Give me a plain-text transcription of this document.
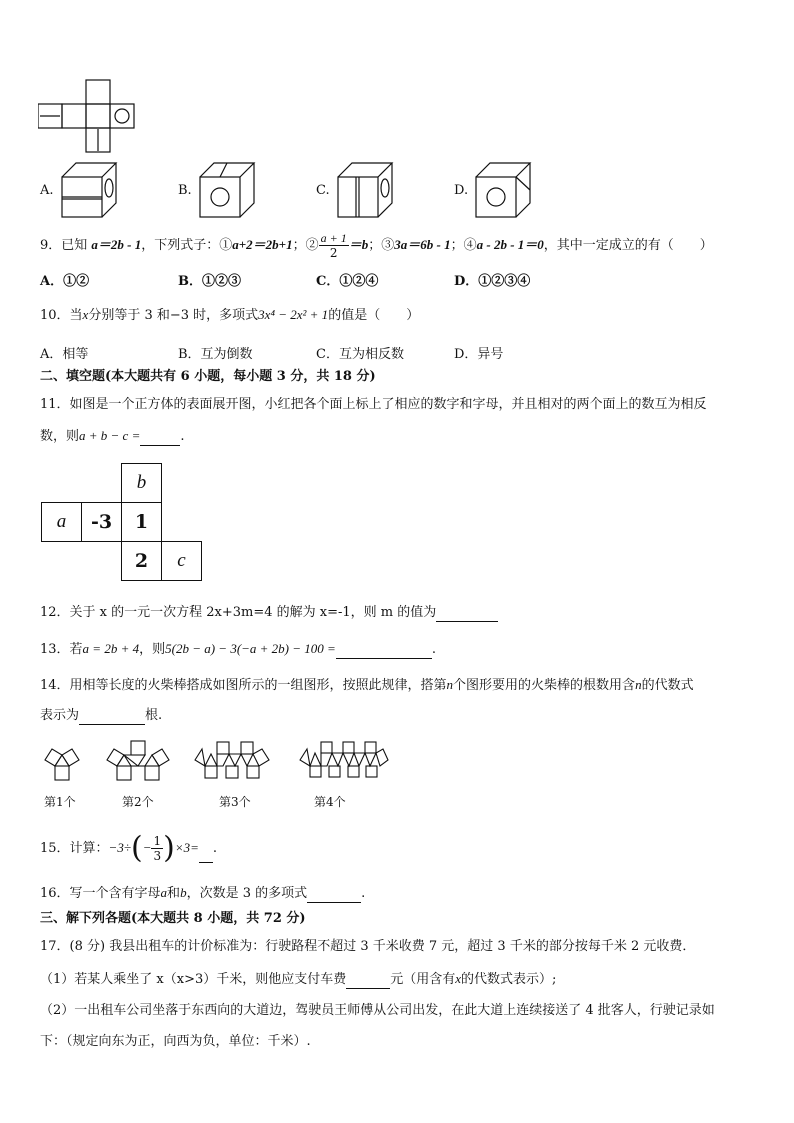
A.	B.	C.	D.
9．已知 a＝2b - 1，下列式子：①a+2＝2b+1；② $\frac{a + 1}{2} =b$；③3a＝6b - 1；④a - 2b - 1＝0，其中一定成立的有（　　）
A．①②	B．①②③	C．①②④	D．①②③④
10．当x分别等于 3 和−3 时，多项式3x⁴ − 2x² + 1的值是（　　）
A．相等	B．互为倒数	C．互为相反数	D．异号
二、填空题(本大题共有 6 小题，每小题 3 分，共 18 分)
11．如图是一个正方体的表面展开图，小红把各个面上标上了相应的数字和字母，并且相对的两个面上的数互为相反
数，则a + b − c =	.
		b	
a	-3	1	
		2	c
12．关于 x 的一元一次方程 2x+3m=4 的解为 x=-1，则 m 的值为
13．若a = 2b + 4，则5(2b − a) − 3(−a + 2b) − 100 =	.
14．用相等长度的火柴棒搭成如图所示的一组图形，按照此规律，搭第n个图形要用的火柴棒的根数用含n的代数式
表示为	根.
第1个	第2个	第3个	第4个
15．计算：$-3\div(- \frac{1}{3} )\times 3=$ .
16．写一个含有字母a和b，次数是 3 的多项式	.
三、解下列各题(本大题共 8 小题，共 72 分)
17．(8 分) 我县出租车的计价标准为：行驶路程不超过 3 千米收费 7 元，超过 3 千米的部分按每千米 2 元收费．
（1）若某人乘坐了 x（x>3）千米，则他应支付车费	元（用含有x的代数式表示）;
（2）一出租车公司坐落于东西向的大道边，驾驶员王师傅从公司出发，在此大道上连续接送了 4 批客人，行驶记录如
下：（规定向东为正，向西为负，单位：千米）.
